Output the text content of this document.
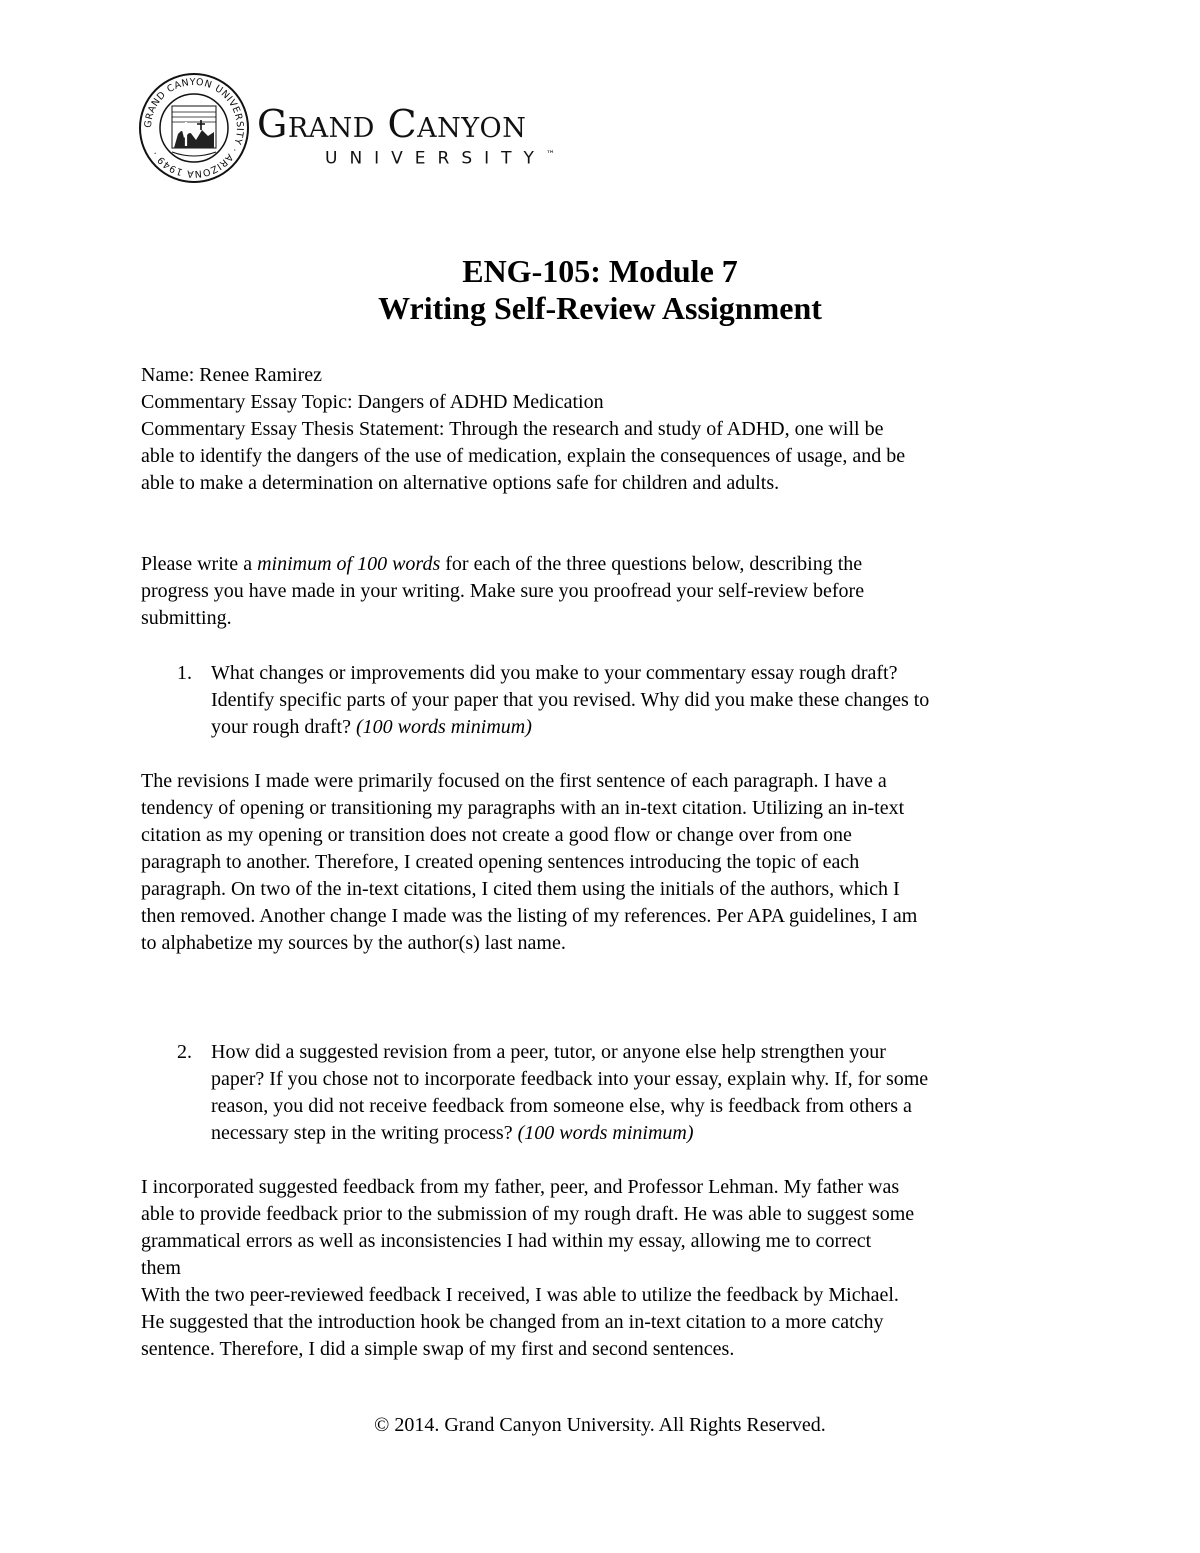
GRAND CANYON UNIVERSITY · ARIZONA 1949 ·
Grand Canyon
UNIVERSITY™
ENG-105: Module 7
Writing Self-Review Assignment
Name: Renee Ramirez
Commentary Essay Topic: Dangers of ADHD Medication
Commentary Essay Thesis Statement: Through the research and study of ADHD, one will be
able to identify the dangers of the use of medication, explain the consequences of usage, and be
able to make a determination on alternative options safe for children and adults.
Please write a minimum of 100 words for each of the three questions below, describing the
progress you have made in your writing. Make sure you proofread your self-review before
submitting.
1. What changes or improvements did you make to your commentary essay rough draft?
Identify specific parts of your paper that you revised. Why did you make these changes to
your rough draft? (100 words minimum)
The revisions I made were primarily focused on the first sentence of each paragraph. I have a
tendency of opening or transitioning my paragraphs with an in-text citation. Utilizing an in-text
citation as my opening or transition does not create a good flow or change over from one
paragraph to another. Therefore, I created opening sentences introducing the topic of each
paragraph. On two of the in-text citations, I cited them using the initials of the authors, which I
then removed. Another change I made was the listing of my references. Per APA guidelines, I am
to alphabetize my sources by the author(s) last name.
2. How did a suggested revision from a peer, tutor, or anyone else help strengthen your
paper? If you chose not to incorporate feedback into your essay, explain why. If, for some
reason, you did not receive feedback from someone else, why is feedback from others a
necessary step in the writing process? (100 words minimum)
I incorporated suggested feedback from my father, peer, and Professor Lehman. My father was
able to provide feedback prior to the submission of my rough draft. He was able to suggest some
grammatical errors as well as inconsistencies I had within my essay, allowing me to correct
them
With the two peer-reviewed feedback I received, I was able to utilize the feedback by Michael.
He suggested that the introduction hook be changed from an in-text citation to a more catchy
sentence. Therefore, I did a simple swap of my first and second sentences.
© 2014. Grand Canyon University. All Rights Reserved.
